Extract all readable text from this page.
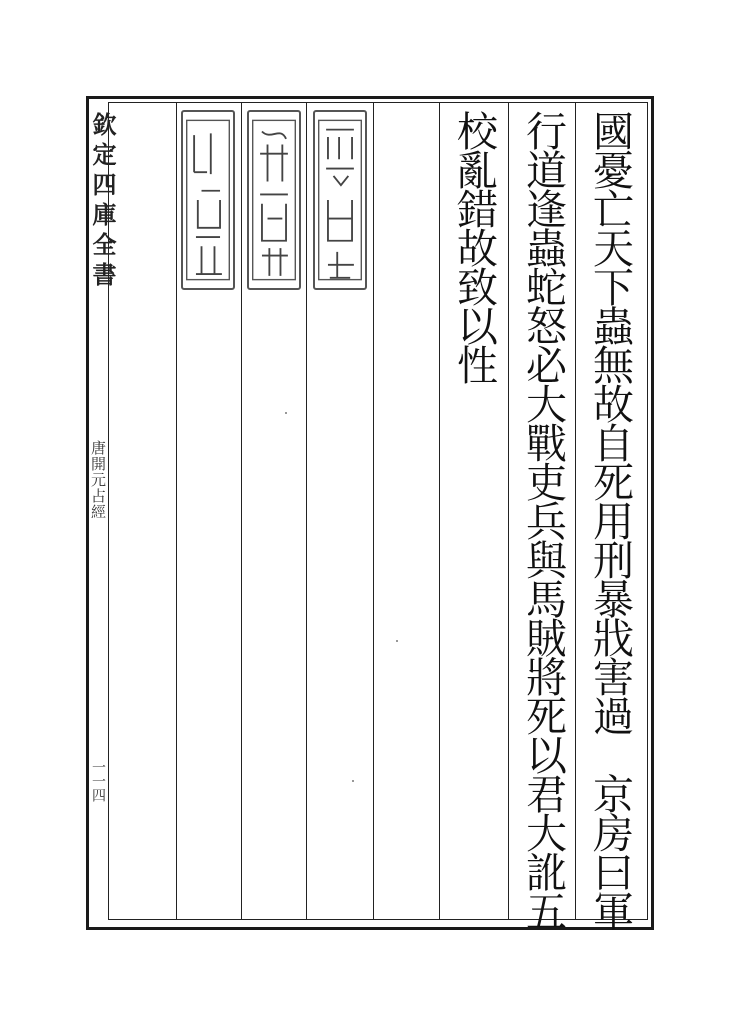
欽定四庫全書
唐開元占經
一一四	國憂亡天下蟲無故自死用刑暴戕害過　京房曰軍
行道逢蟲蛇怒必大戰吏兵與馬賊將死以君大訛五
校亂錯故致以性
